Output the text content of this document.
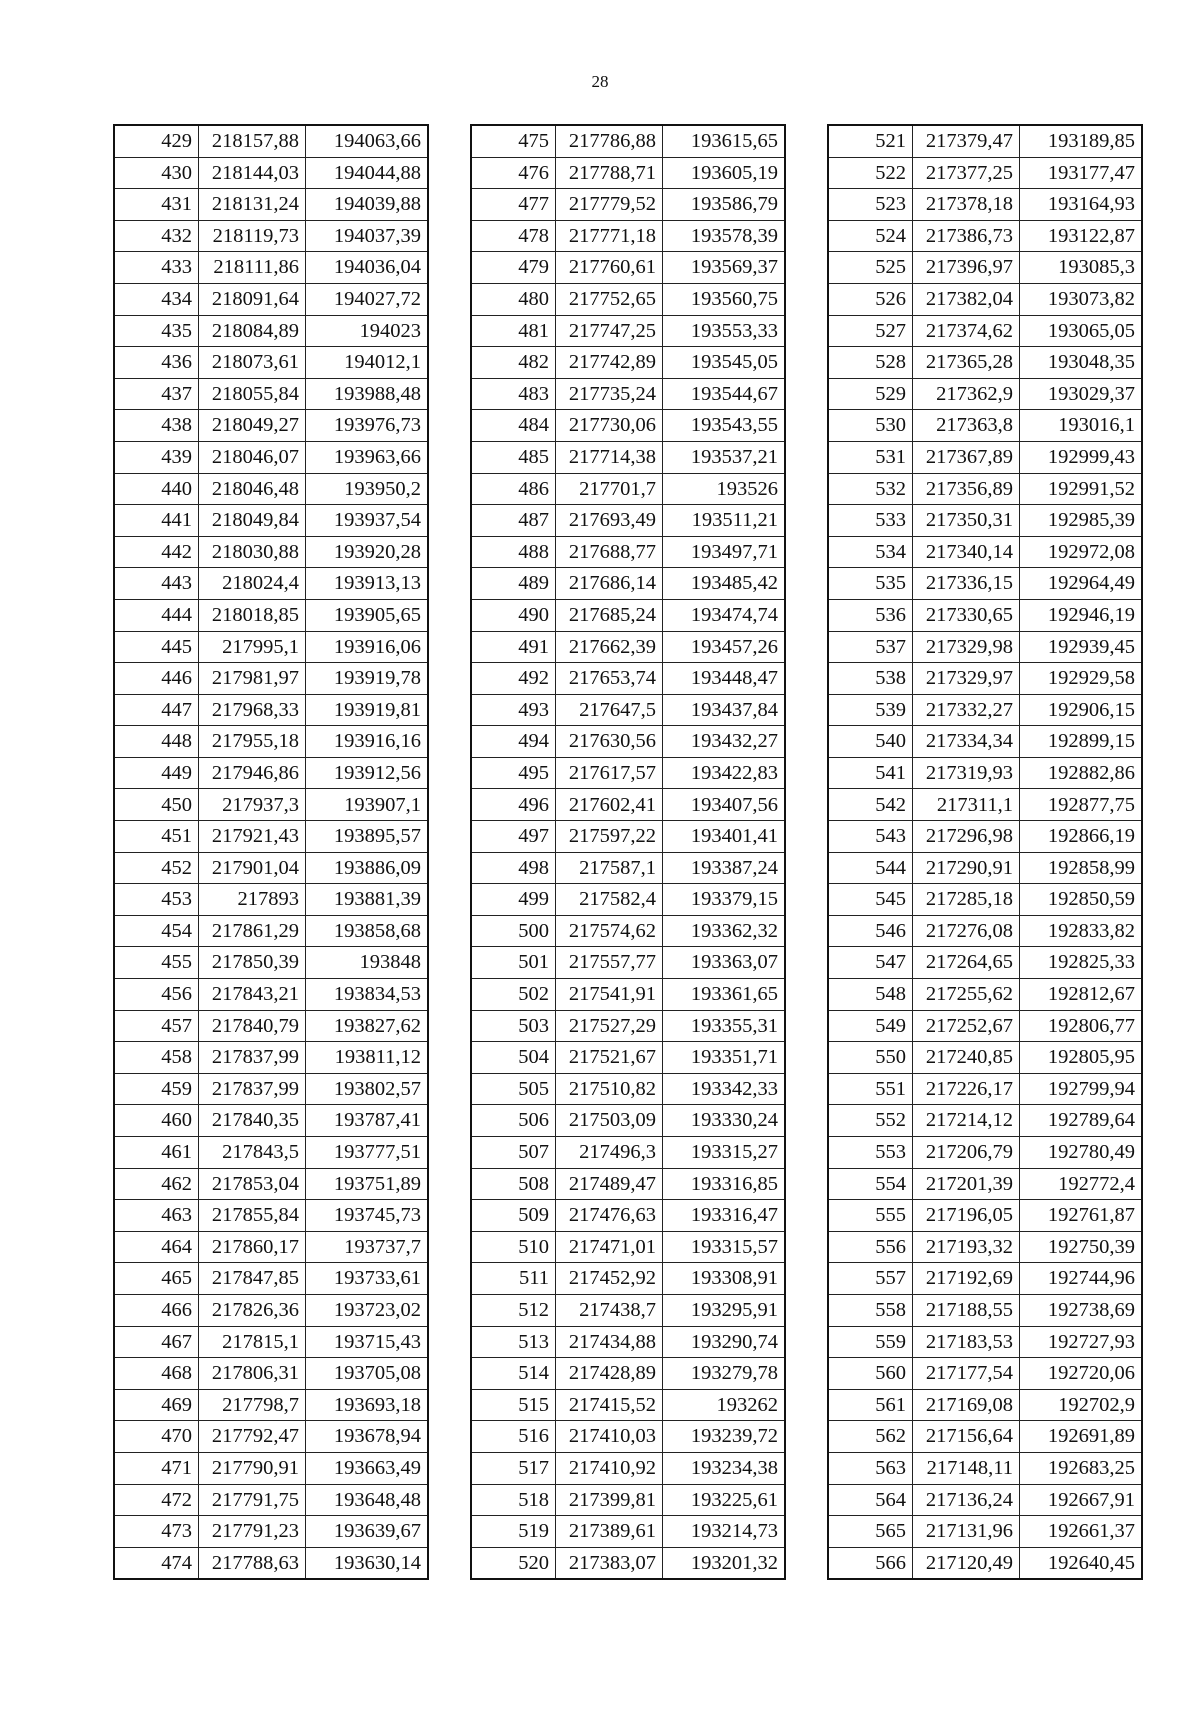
28
429	218157,88	194063,66
430	218144,03	194044,88
431	218131,24	194039,88
432	218119,73	194037,39
433	218111,86	194036,04
434	218091,64	194027,72
435	218084,89	194023
436	218073,61	194012,1
437	218055,84	193988,48
438	218049,27	193976,73
439	218046,07	193963,66
440	218046,48	193950,2
441	218049,84	193937,54
442	218030,88	193920,28
443	218024,4	193913,13
444	218018,85	193905,65
445	217995,1	193916,06
446	217981,97	193919,78
447	217968,33	193919,81
448	217955,18	193916,16
449	217946,86	193912,56
450	217937,3	193907,1
451	217921,43	193895,57
452	217901,04	193886,09
453	217893	193881,39
454	217861,29	193858,68
455	217850,39	193848
456	217843,21	193834,53
457	217840,79	193827,62
458	217837,99	193811,12
459	217837,99	193802,57
460	217840,35	193787,41
461	217843,5	193777,51
462	217853,04	193751,89
463	217855,84	193745,73
464	217860,17	193737,7
465	217847,85	193733,61
466	217826,36	193723,02
467	217815,1	193715,43
468	217806,31	193705,08
469	217798,7	193693,18
470	217792,47	193678,94
471	217790,91	193663,49
472	217791,75	193648,48
473	217791,23	193639,67
474	217788,63	193630,14
475	217786,88	193615,65
476	217788,71	193605,19
477	217779,52	193586,79
478	217771,18	193578,39
479	217760,61	193569,37
480	217752,65	193560,75
481	217747,25	193553,33
482	217742,89	193545,05
483	217735,24	193544,67
484	217730,06	193543,55
485	217714,38	193537,21
486	217701,7	193526
487	217693,49	193511,21
488	217688,77	193497,71
489	217686,14	193485,42
490	217685,24	193474,74
491	217662,39	193457,26
492	217653,74	193448,47
493	217647,5	193437,84
494	217630,56	193432,27
495	217617,57	193422,83
496	217602,41	193407,56
497	217597,22	193401,41
498	217587,1	193387,24
499	217582,4	193379,15
500	217574,62	193362,32
501	217557,77	193363,07
502	217541,91	193361,65
503	217527,29	193355,31
504	217521,67	193351,71
505	217510,82	193342,33
506	217503,09	193330,24
507	217496,3	193315,27
508	217489,47	193316,85
509	217476,63	193316,47
510	217471,01	193315,57
511	217452,92	193308,91
512	217438,7	193295,91
513	217434,88	193290,74
514	217428,89	193279,78
515	217415,52	193262
516	217410,03	193239,72
517	217410,92	193234,38
518	217399,81	193225,61
519	217389,61	193214,73
520	217383,07	193201,32
521	217379,47	193189,85
522	217377,25	193177,47
523	217378,18	193164,93
524	217386,73	193122,87
525	217396,97	193085,3
526	217382,04	193073,82
527	217374,62	193065,05
528	217365,28	193048,35
529	217362,9	193029,37
530	217363,8	193016,1
531	217367,89	192999,43
532	217356,89	192991,52
533	217350,31	192985,39
534	217340,14	192972,08
535	217336,15	192964,49
536	217330,65	192946,19
537	217329,98	192939,45
538	217329,97	192929,58
539	217332,27	192906,15
540	217334,34	192899,15
541	217319,93	192882,86
542	217311,1	192877,75
543	217296,98	192866,19
544	217290,91	192858,99
545	217285,18	192850,59
546	217276,08	192833,82
547	217264,65	192825,33
548	217255,62	192812,67
549	217252,67	192806,77
550	217240,85	192805,95
551	217226,17	192799,94
552	217214,12	192789,64
553	217206,79	192780,49
554	217201,39	192772,4
555	217196,05	192761,87
556	217193,32	192750,39
557	217192,69	192744,96
558	217188,55	192738,69
559	217183,53	192727,93
560	217177,54	192720,06
561	217169,08	192702,9
562	217156,64	192691,89
563	217148,11	192683,25
564	217136,24	192667,91
565	217131,96	192661,37
566	217120,49	192640,45
